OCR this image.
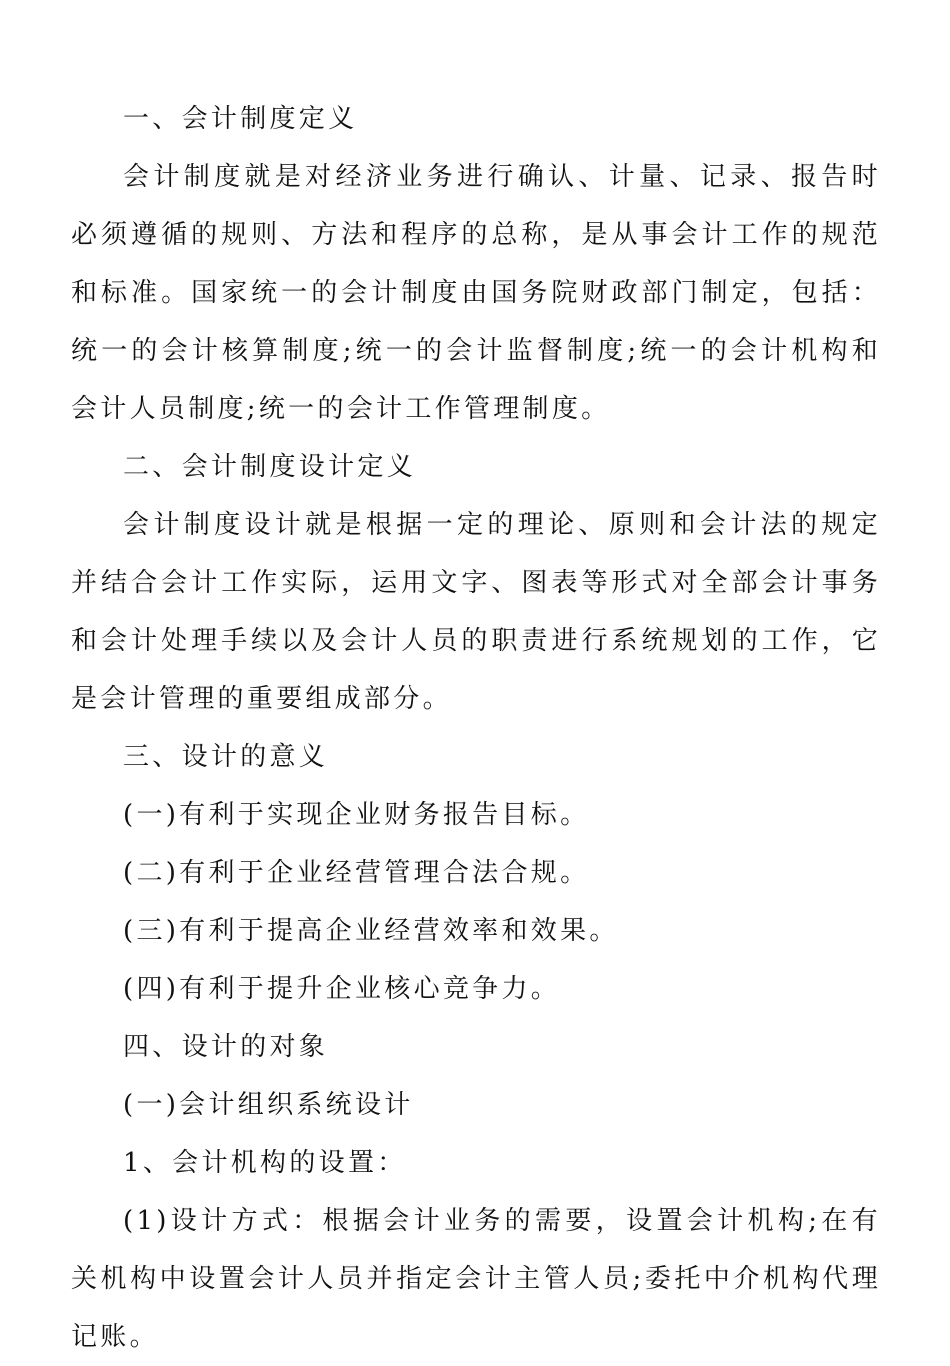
一、会计制度定义

会计制度就是对经济业务进行确认、计量、记录、报告时必须遵循的规则、方法和程序的总称，是从事会计工作的规范和标准。国家统一的会计制度由国务院财政部门制定，包括：统一的会计核算制度;统一的会计监督制度;统一的会计机构和会计人员制度;统一的会计工作管理制度。

二、会计制度设计定义

会计制度设计就是根据一定的理论、原则和会计法的规定并结合会计工作实际，运用文字、图表等形式对全部会计事务和会计处理手续以及会计人员的职责进行系统规划的工作，它是会计管理的重要组成部分。

三、设计的意义

(一)有利于实现企业财务报告目标。

(二)有利于企业经营管理合法合规。

(三)有利于提高企业经营效率和效果。

(四)有利于提升企业核心竞争力。

四、设计的对象

(一)会计组织系统设计

1、会计机构的设置：

(1)设计方式：根据会计业务的需要，设置会计机构;在有关机构中设置会计人员并指定会计主管人员;委托中介机构代理记账。
